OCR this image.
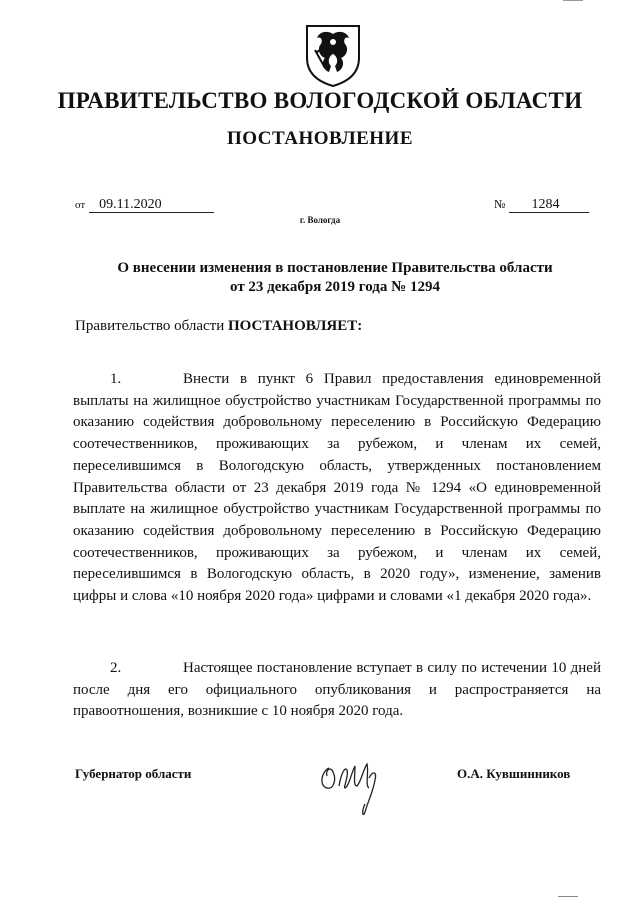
ПРАВИТЕЛЬСТВО ВОЛОГОДСКОЙ ОБЛАСТИ
ПОСТАНОВЛЕНИЕ
от 09.11.2020	№ 1284
г. Вологда
О внесении изменения в постановление Правительства области
от 23 декабря 2019 года № 1294
Правительство области ПОСТАНОВЛЯЕТ:

1.	Внести в пункт 6 Правил предоставления единовременной выплаты на жилищное обустройство участникам Государственной программы по оказанию содействия добровольному переселению в Российскую Федерацию соотечественников, проживающих за рубежом, и членам их семей, переселившимся в Вологодскую область, утвержденных постановлением Правительства области от 23 декабря 2019 года № 1294 «О единовременной выплате на жилищное обустройство участникам Государственной программы по оказанию содействия добровольному переселению в Российскую Федерацию соотечественников, проживающих за рубежом, и членам их семей, переселившимся в Вологодскую область, в 2020 году», изменение, заменив цифры и слова «10 ноября 2020 года» цифрами и словами «1 декабря 2020 года».

2.	Настоящее постановление вступает в силу по истечении 10 дней после дня его официального опубликования и распространяется на правоотношения, возникшие с 10 ноября 2020 года.

Губернатор области	О.А. Кувшинников
